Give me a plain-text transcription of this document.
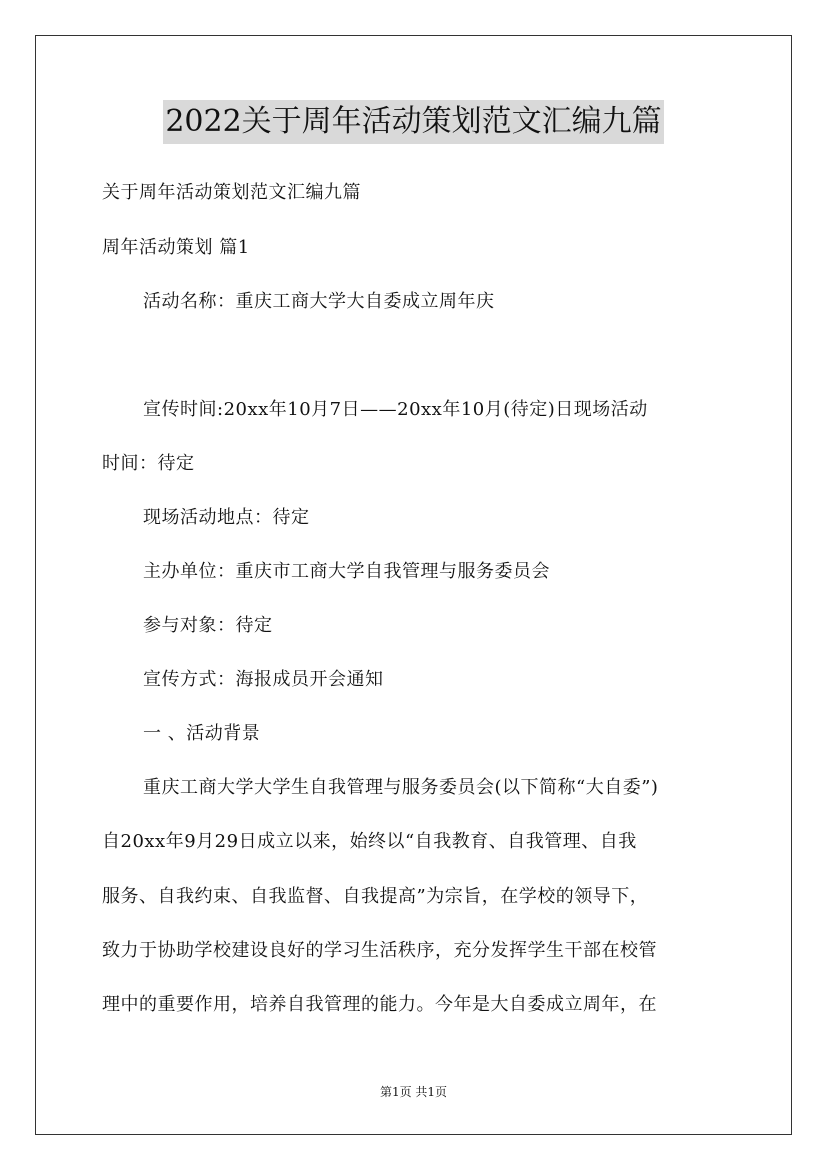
2022关于周年活动策划范文汇编九篇
关于周年活动策划范文汇编九篇
周年活动策划 篇1
活动名称：重庆工商大学大自委成立周年庆
宣传时间:20xx年10月7日——20xx年10月(待定)日现场活动
时间：待定
现场活动地点：待定
主办单位：重庆市工商大学自我管理与服务委员会
参与对象：待定
宣传方式：海报成员开会通知
一 、活动背景
重庆工商大学大学生自我管理与服务委员会(以下简称“大自委”)
自20xx年9月29日成立以来，始终以“自我教育、自我管理、自我
服务、自我约束、自我监督、自我提高”为宗旨，在学校的领导下，
致力于协助学校建设良好的学习生活秩序，充分发挥学生干部在校管
理中的重要作用，培养自我管理的能力。今年是大自委成立周年，在
第1页 共1页
